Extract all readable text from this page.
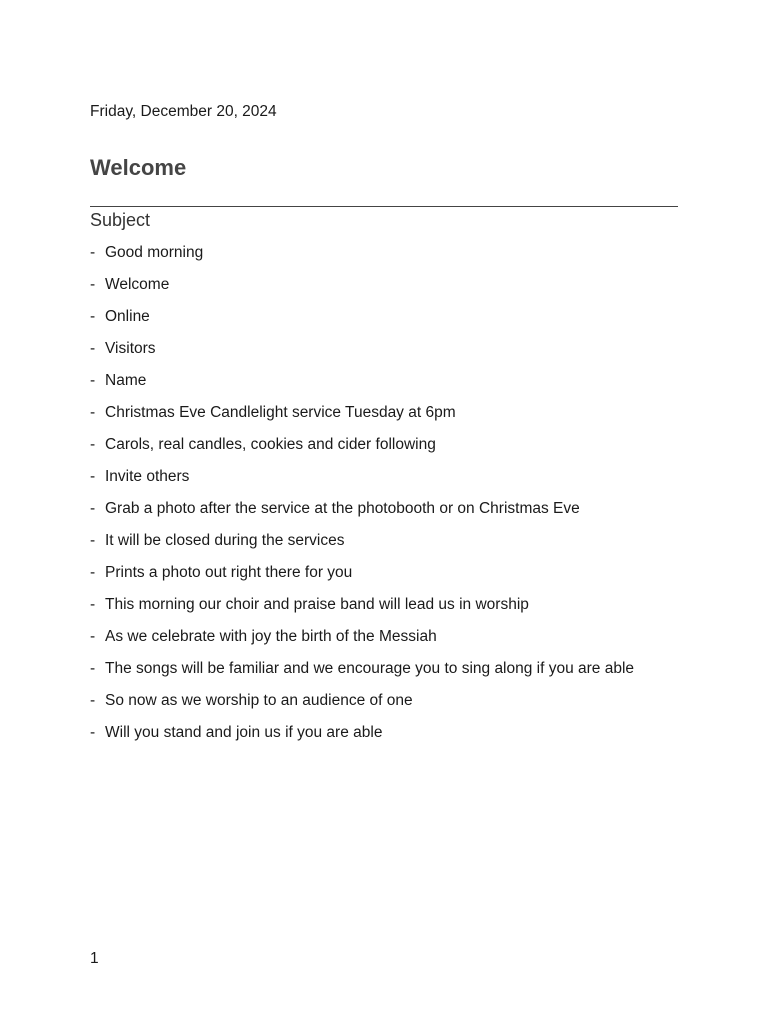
Friday, December 20, 2024
Welcome
Subject
- Good morning
- Welcome
- Online
- Visitors
- Name
- Christmas Eve Candlelight service Tuesday at 6pm
- Carols, real candles, cookies and cider following
- Invite others
- Grab a photo after the service at the photobooth or on Christmas Eve
- It will be closed during the services
- Prints a photo out right there for you
- This morning our choir and praise band will lead us in worship
- As we celebrate with joy the birth of the Messiah
- The songs will be familiar and we encourage you to sing along if you are able
- So now as we worship to an audience of one
- Will you stand and join us if you are able
1
